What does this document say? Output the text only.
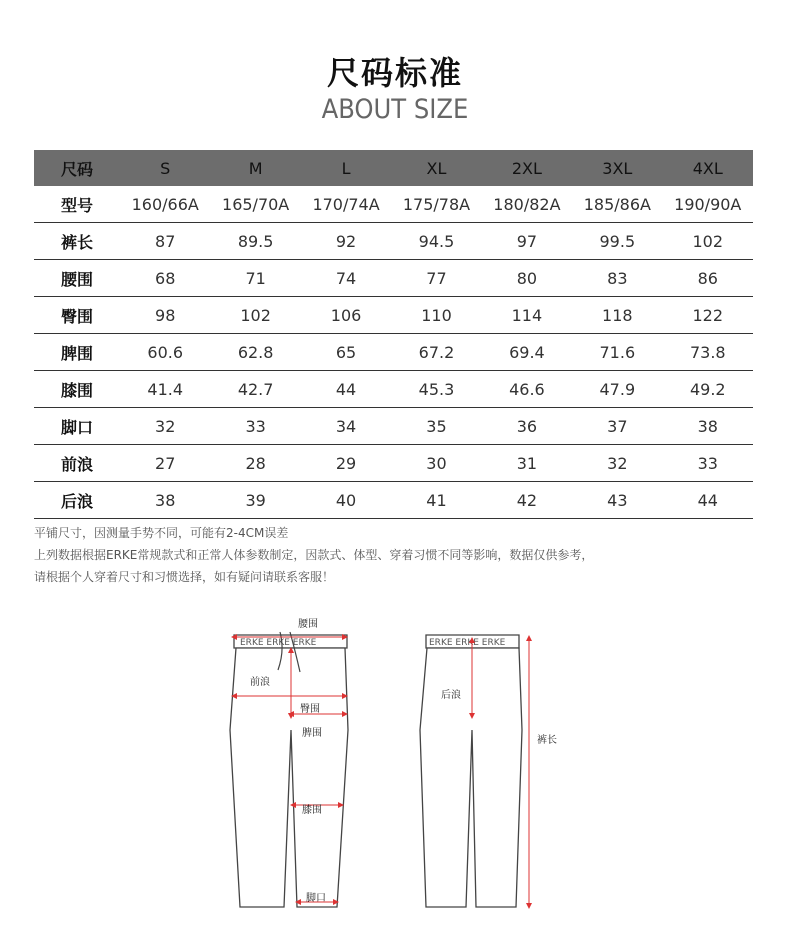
尺码标准
ABOUT SIZE
尺码	S	M	L	XL	2XL	3XL	4XL
型号	160/66A	165/70A	170/74A	175/78A	180/82A	185/86A	190/90A
裤长	87	89.5	92	94.5	97	99.5	102
腰围	68	71	74	77	80	83	86
臀围	98	102	106	110	114	118	122
脾围	60.6	62.8	65	67.2	69.4	71.6	73.8
膝围	41.4	42.7	44	45.3	46.6	47.9	49.2
脚口	32	33	34	35	36	37	38
前浪	27	28	29	30	31	32	33
后浪	38	39	40	41	42	43	44
平铺尺寸，因测量手势不同，可能有2-4CM误差
上列数据根据ERKE常规款式和正常人体参数制定，因款式、体型、穿着习惯不同等影响，数据仅供参考，
请根据个人穿着尺寸和习惯选择，如有疑问请联系客服！
ERKE ERKE ERKE
腰围
前浪
臀围
脾围
膝围
脚口
ERKE ERKE ERKE
后浪
裤长
